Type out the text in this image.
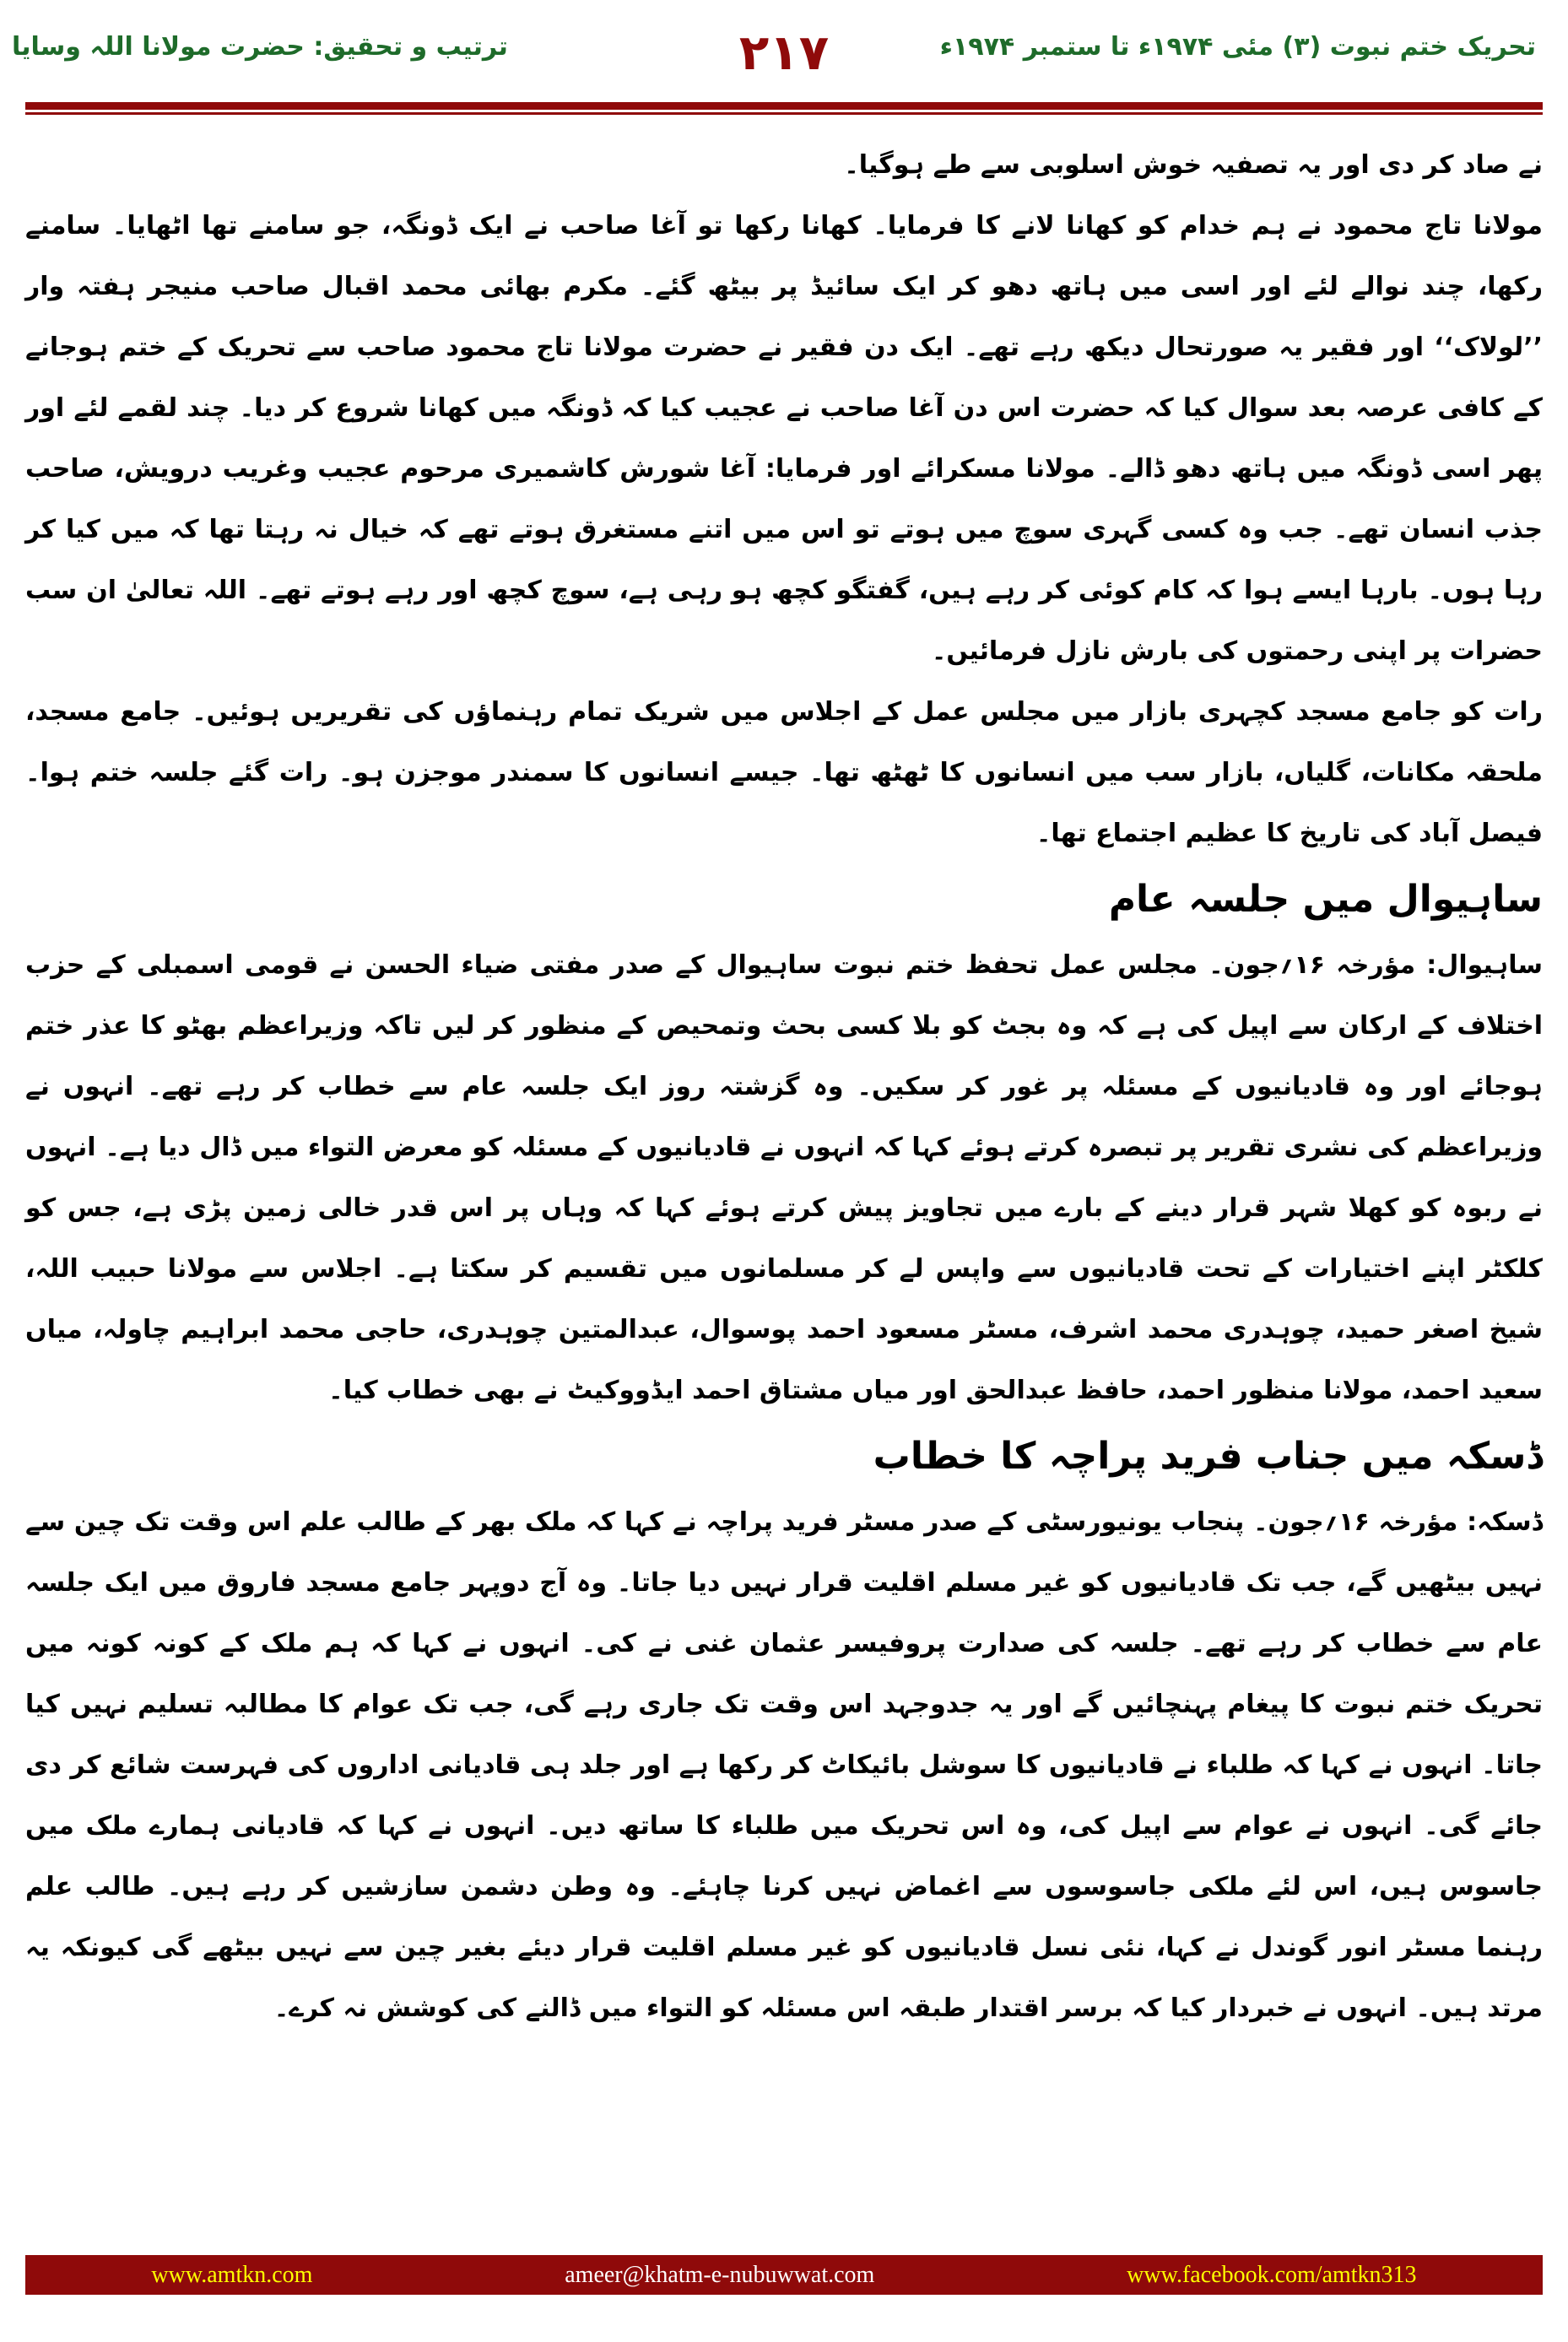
تحریک ختم نبوت (۳) مئی ۱۹۷۴ء تا ستمبر ۱۹۷۴ء
۲۱۷
ترتیب و تحقیق: حضرت مولانا اللہ وسایا

نے صاد کر دی اور یہ تصفیہ خوش اسلوبی سے طے ہوگیا۔

مولانا تاج محمود نے ہم خدام کو کھانا لانے کا فرمایا۔ کھانا رکھا تو آغا صاحب نے ایک ڈونگہ، جو سامنے تھا اٹھایا۔ سامنے رکھا، چند نوالے لئے اور اسی میں ہاتھ دھو کر ایک سائیڈ پر بیٹھ گئے۔ مکرم بھائی محمد اقبال صاحب منیجر ہفتہ وار ’’لولاک‘‘ اور فقیر یہ صورتحال دیکھ رہے تھے۔ ایک دن فقیر نے حضرت مولانا تاج محمود صاحب سے تحریک کے ختم ہوجانے کے کافی عرصہ بعد سوال کیا کہ حضرت اس دن آغا صاحب نے عجیب کیا کہ ڈونگہ میں کھانا شروع کر دیا۔ چند لقمے لئے اور پھر اسی ڈونگہ میں ہاتھ دھو ڈالے۔ مولانا مسکرائے اور فرمایا: آغا شورش کاشمیری مرحوم عجیب وغریب درویش، صاحب جذب انسان تھے۔ جب وہ کسی گہری سوچ میں ہوتے تو اس میں اتنے مستغرق ہوتے تھے کہ خیال نہ رہتا تھا کہ میں کیا کر رہا ہوں۔ بارہا ایسے ہوا کہ کام کوئی کر رہے ہیں، گفتگو کچھ ہو رہی ہے، سوچ کچھ اور رہے ہوتے تھے۔ اللہ تعالیٰ ان سب حضرات پر اپنی رحمتوں کی بارش نازل فرمائیں۔

رات کو جامع مسجد کچہری بازار میں مجلس عمل کے اجلاس میں شریک تمام رہنماؤں کی تقریریں ہوئیں۔ جامع مسجد، ملحقہ مکانات، گلیاں، بازار سب میں انسانوں کا ٹھٹھ تھا۔ جیسے انسانوں کا سمندر موجزن ہو۔ رات گئے جلسہ ختم ہوا۔ فیصل آباد کی تاریخ کا عظیم اجتماع تھا۔

ساہیوال میں جلسہ عام

ساہیوال: مؤرخہ ۱۶؍جون۔ مجلس عمل تحفظ ختم نبوت ساہیوال کے صدر مفتی ضیاء الحسن نے قومی اسمبلی کے حزب اختلاف کے ارکان سے اپیل کی ہے کہ وہ بجٹ کو بلا کسی بحث وتمحیص کے منظور کر لیں تاکہ وزیراعظم بھٹو کا عذر ختم ہوجائے اور وہ قادیانیوں کے مسئلہ پر غور کر سکیں۔ وہ گزشتہ روز ایک جلسہ عام سے خطاب کر رہے تھے۔ انہوں نے وزیراعظم کی نشری تقریر پر تبصرہ کرتے ہوئے کہا کہ انہوں نے قادیانیوں کے مسئلہ کو معرض التواء میں ڈال دیا ہے۔ انہوں نے ربوہ کو کھلا شہر قرار دینے کے بارے میں تجاویز پیش کرتے ہوئے کہا کہ وہاں پر اس قدر خالی زمین پڑی ہے، جس کو کلکٹر اپنے اختیارات کے تحت قادیانیوں سے واپس لے کر مسلمانوں میں تقسیم کر سکتا ہے۔ اجلاس سے مولانا حبیب اللہ، شیخ اصغر حمید، چوہدری محمد اشرف، مسٹر مسعود احمد پوسوال، عبدالمتین چوہدری، حاجی محمد ابراہیم چاولہ، میاں سعید احمد، مولانا منظور احمد، حافظ عبدالحق اور میاں مشتاق احمد ایڈووکیٹ نے بھی خطاب کیا۔

ڈسکہ میں جناب فرید پراچہ کا خطاب

ڈسکہ: مؤرخہ ۱۶؍جون۔ پنجاب یونیورسٹی کے صدر مسٹر فرید پراچہ نے کہا کہ ملک بھر کے طالب علم اس وقت تک چین سے نہیں بیٹھیں گے، جب تک قادیانیوں کو غیر مسلم اقلیت قرار نہیں دیا جاتا۔ وہ آج دوپہر جامع مسجد فاروق میں ایک جلسہ عام سے خطاب کر رہے تھے۔ جلسہ کی صدارت پروفیسر عثمان غنی نے کی۔ انہوں نے کہا کہ ہم ملک کے کونہ کونہ میں تحریک ختم نبوت کا پیغام پہنچائیں گے اور یہ جدوجہد اس وقت تک جاری رہے گی، جب تک عوام کا مطالبہ تسلیم نہیں کیا جاتا۔ انہوں نے کہا کہ طلباء نے قادیانیوں کا سوشل بائیکاٹ کر رکھا ہے اور جلد ہی قادیانی اداروں کی فہرست شائع کر دی جائے گی۔ انہوں نے عوام سے اپیل کی، وہ اس تحریک میں طلباء کا ساتھ دیں۔ انہوں نے کہا کہ قادیانی ہمارے ملک میں جاسوس ہیں، اس لئے ملکی جاسوسوں سے اغماض نہیں کرنا چاہئے۔ وہ وطن دشمن سازشیں کر رہے ہیں۔ طالب علم رہنما مسٹر انور گوندل نے کہا، نئی نسل قادیانیوں کو غیر مسلم اقلیت قرار دیئے بغیر چین سے نہیں بیٹھے گی کیونکہ یہ مرتد ہیں۔ انہوں نے خبردار کیا کہ برسر اقتدار طبقہ اس مسئلہ کو التواء میں ڈالنے کی کوشش نہ کرے۔

www.amtkn.com	ameer@khatm-e-nubuwwat.com	www.facebook.com/amtkn313
